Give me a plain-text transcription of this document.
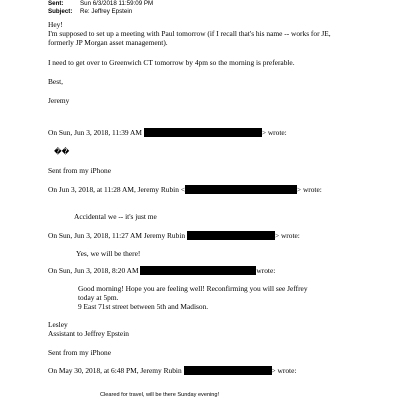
Sent:	Sun 6/3/2018 11:59:09 PM
Subject: Re: Jeffrey Epstein
Hey!
I'm supposed to set up a meeting with Paul tomorrow (if I recall that's his name -- works for JE, formerly JP Morgan asset management).
I need to get over to Greenwich CT tomorrow by 4pm so the morning is preferable.
Best,
Jeremy
On Sun, Jun 3, 2018, 11:39 AM	> wrote:
��
Sent from my iPhone
On Jun 3, 2018, at 11:28 AM, Jeremy Rubin <	> wrote:
Accidental we -- it's just me
On Sun, Jun 3, 2018, 11:27 AM Jeremy Rubin	> wrote:
Yes, we will be there!
On Sun, Jun 3, 2018, 8:20 AM	wrote:
Good morning! Hope you are feeling well! Reconfirming you will see Jeffrey
today at 5pm.
9 East 71st street between 5th and Madison.
Lesley
Assistant to Jeffrey Epstein
Sent from my iPhone
On May 30, 2018, at 6:48 PM, Jeremy Rubin	> wrote:
Cleared for travel, will be there Sunday evening!
